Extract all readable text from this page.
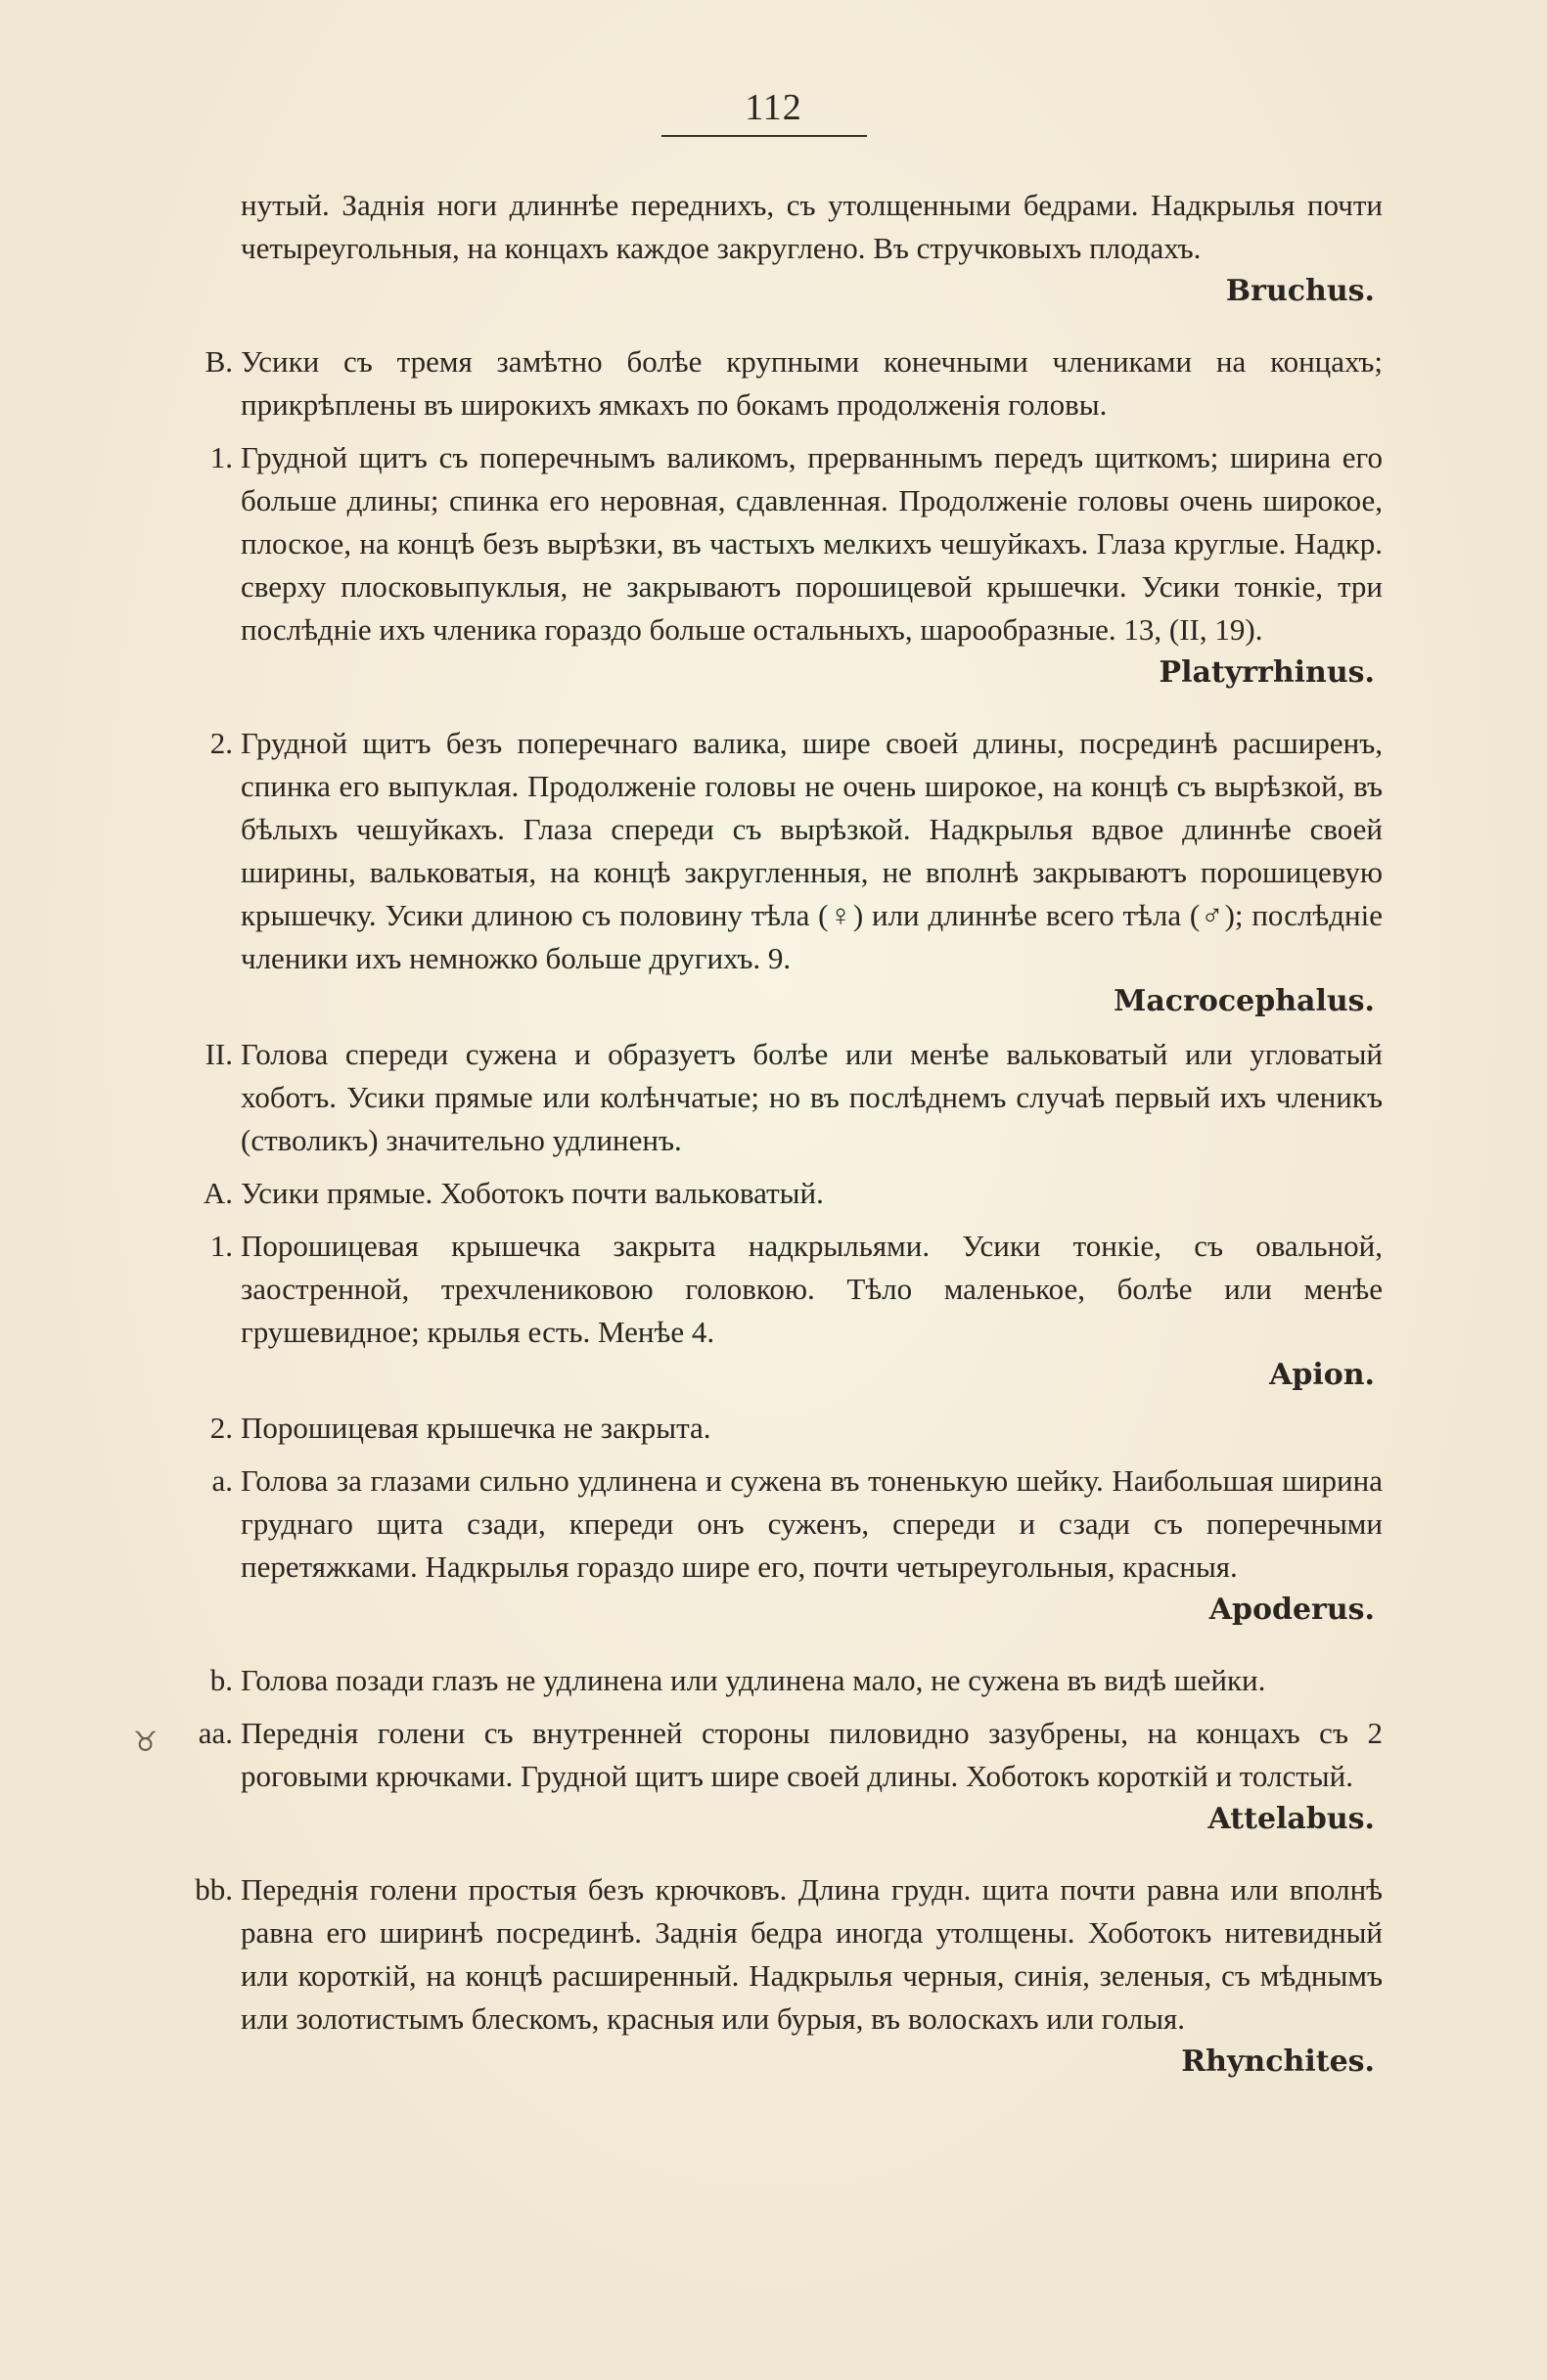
112
♉
нутый. Заднія ноги длиннѣе переднихъ, съ утолщенными бедрами. Надкрылья почти четыреугольныя, на концахъ каждое закруглено. Въ стручковыхъ плодахъ.
Bruchus.
B. Усики съ тремя замѣтно болѣе крупными конечными члениками на концахъ; прикрѣплены въ широкихъ ямкахъ по бокамъ продолженія головы.
1. Грудной щитъ съ поперечнымъ валикомъ, прерваннымъ передъ щиткомъ; ширина его больше длины; спинка его неровная, сдавленная. Продолженіе головы очень широкое, плоское, на концѣ безъ вырѣзки, въ частыхъ мелкихъ чешуйкахъ. Глаза круглые. Надкр. сверху плосковыпуклыя, не закрываютъ порошицевой крышечки. Усики тонкіе, три послѣдніе ихъ членика гораздо больше остальныхъ, шарообразные. 13, (II, 19).
Platyrrhinus.
2. Грудной щитъ безъ поперечнаго валика, шире своей длины, посрединѣ расширенъ, спинка его выпуклая. Продолженіе головы не очень широкое, на концѣ съ вырѣзкой, въ бѣлыхъ чешуйкахъ. Глаза спереди съ вырѣзкой. Надкрылья вдвое длиннѣе своей ширины, вальковатыя, на концѣ закругленныя, не вполнѣ закрываютъ порошицевую крышечку. Усики длиною съ половину тѣла (♀) или длиннѣе всего тѣла (♂); послѣдніе членики ихъ немножко больше другихъ. 9.
Macrocephalus.
II. Голова спереди сужена и образуетъ болѣе или менѣе вальковатый или угловатый хоботъ. Усики прямые или колѣнчатые; но въ послѣднемъ случаѣ первый ихъ члeникъ (стволикъ) значительно удлиненъ.
A. Усики прямые. Хоботокъ почти вальковатый.
1. Порошицевая крышечка закрыта надкрыльями. Усики тонкіе, съ овальной, заостренной, трехчлениковою головкою. Тѣло маленькое, болѣе или менѣе грушевидное; крылья есть. Менѣе 4.
Apion.
2. Порошицевая крышечка не закрыта.
a. Голова за глазами сильно удлинена и сужена въ тоненькую шейку. Наибольшая ширина груднаго щита сзади, кпереди онъ суженъ, спереди и сзади съ поперечными перетяжками. Надкрылья гораздо шире его, почти четыреугольныя, красныя.
Apoderus.
b. Голова позади глазъ не удлинена или удлинена мало, не сужена въ видѣ шейки.
aa. Переднія голени съ внутренней стороны пиловидно зазубрены, на концахъ съ 2 роговыми крючками. Грудной щитъ шире своей длины. Хоботокъ короткій и толстый.
Attelabus.
bb. Переднія голени простыя безъ крючковъ. Длина грудн. щита почти равна или вполнѣ равна его ширинѣ посрединѣ. Заднія бедра иногда утолщены. Хоботокъ нитевидный или короткій, на концѣ расширенный. Надкрылья черныя, синія, зеленыя, съ мѣднымъ или золотистымъ блескомъ, красныя или бурыя, въ волоскахъ или голыя.
Rhynchites.
